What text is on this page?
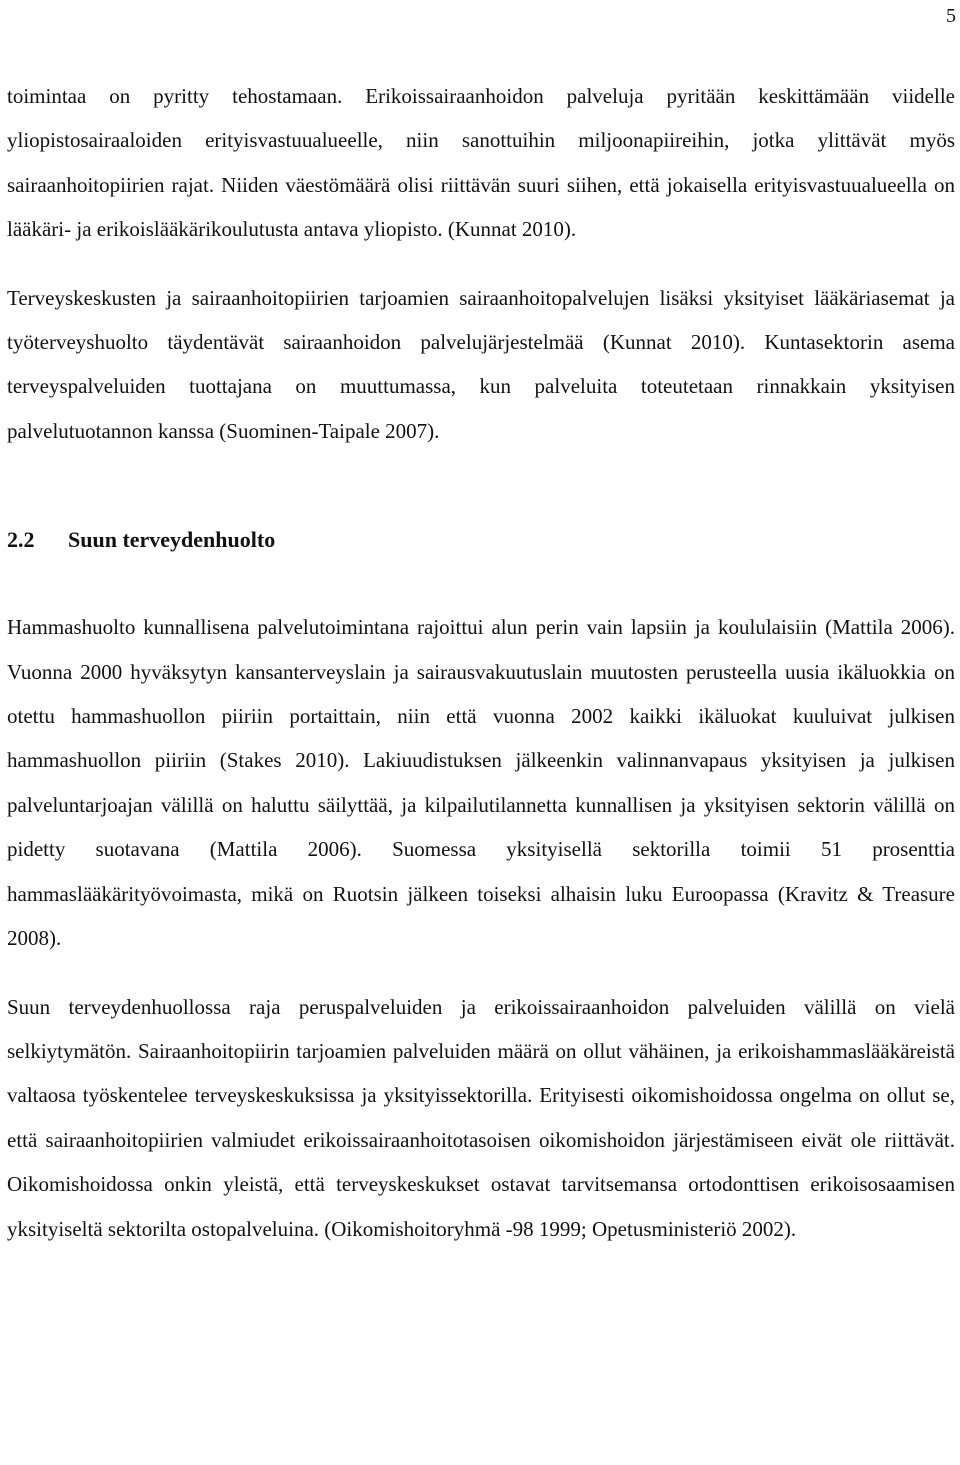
5

toimintaa on pyritty tehostamaan. Erikoissairaanhoidon palveluja pyritään keskittämään viidelle yliopistosairaaloiden erityisvastuualueelle, niin sanottuihin miljoonapiireihin, jotka ylittävät myös sairaanhoitopiirien rajat. Niiden väestömäärä olisi riittävän suuri siihen, että jokaisella erityisvastuualueella on lääkäri- ja erikoislääkärikoulutusta antava yliopisto. (Kunnat 2010).

Terveyskeskusten ja sairaanhoitopiirien tarjoamien sairaanhoitopalvelujen lisäksi yksityiset lääkäriasemat ja työterveyshuolto täydentävät sairaanhoidon palvelujärjestelmää (Kunnat 2010). Kuntasektorin asema terveyspalveluiden tuottajana on muuttumassa, kun palveluita toteutetaan rinnakkain yksityisen palvelutuotannon kanssa (Suominen-Taipale 2007).

2.2 Suun terveydenhuolto

Hammashuolto kunnallisena palvelutoimintana rajoittui alun perin vain lapsiin ja koululaisiin (Mattila 2006). Vuonna 2000 hyväksytyn kansanterveyslain ja sairausvakuutuslain muutosten perusteella uusia ikäluokkia on otettu hammashuollon piiriin portaittain, niin että vuonna 2002 kaikki ikäluokat kuuluivat julkisen hammashuollon piiriin (Stakes 2010). Lakiuudistuksen jälkeenkin valinnanvapaus yksityisen ja julkisen palveluntarjoajan välillä on haluttu säilyttää, ja kilpailutilannetta kunnallisen ja yksityisen sektorin välillä on pidetty suotavana (Mattila 2006). Suomessa yksityisellä sektorilla toimii 51 prosenttia hammaslääkärityövoimasta, mikä on Ruotsin jälkeen toiseksi alhaisin luku Euroopassa (Kravitz & Treasure 2008).

Suun terveydenhuollossa raja peruspalveluiden ja erikoissairaanhoidon palveluiden välillä on vielä selkiytymätön. Sairaanhoitopiirin tarjoamien palveluiden määrä on ollut vähäinen, ja erikoishammaslääkäreistä valtaosa työskentelee terveyskeskuksissa ja yksityissektorilla. Erityisesti oikomishoidossa ongelma on ollut se, että sairaanhoitopiirien valmiudet erikoissairaanhoitotasoisen oikomishoidon järjestämiseen eivät ole riittävät. Oikomishoidossa onkin yleistä, että terveyskeskukset ostavat tarvitsemansa ortodonttisen erikoisosaamisen yksityiseltä sektorilta ostopalveluina. (Oikomishoitoryhmä -98 1999; Opetusministeriö 2002).
